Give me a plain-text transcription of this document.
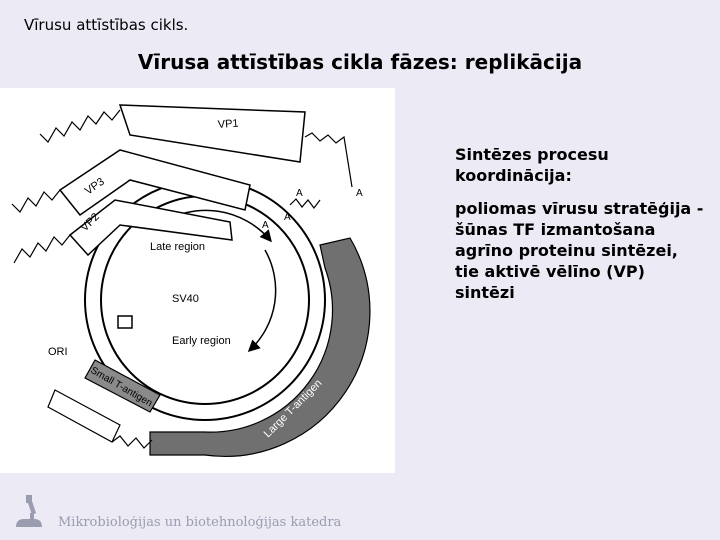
Vīrusu attīstības cikls.
Vīrusa attīstības cikla fāzes: replikācija
VP1
VP3
VP2
A	A
A
A
Late region
SV40
Early region
ORI
Small T-antigen	Large T-antigen

Sintēzes procesu koordinācija:

poliomas vīrusu stratēģija - šūnas TF izmantošana agrīno proteinu sintēzei, tie aktivē vēlīno (VP) sintēzi

Mikrobioloģijas un biotehnoloģijas katedra
